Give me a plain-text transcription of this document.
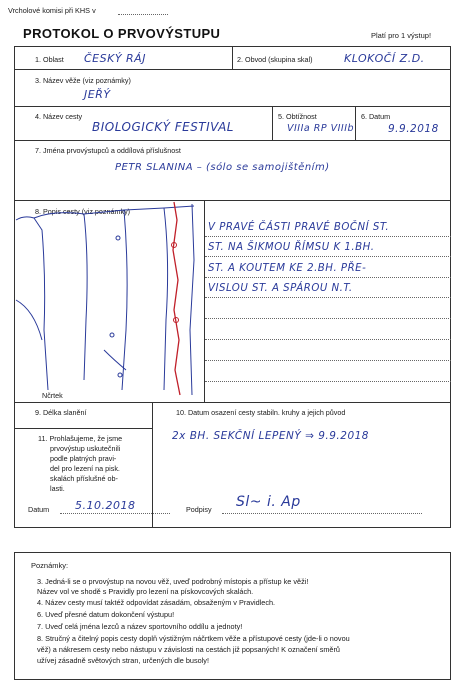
Vrcholové komisi při KHS v
PROTOKOL O PRVOVÝSTUPU	Platí pro 1 výstup!
1. Oblast ČESKÝ RÁJ	2. Obvod (skupina skal)	KLOKOČÍ Z.D.
3. Název věže (viz poznámky)
JEŘÝ
4. Název cesty
BIOLOGICKÝ FESTIVAL
5. Obtížnost
VIIIa RP VIIIb
6. Datum
9.9.2018
7. Jména prvovýstupců a oddílová příslušnost
PETR SLANINA – (sólo se samojištěním)
8. Popis cesty (viz poznámky)
Nčrtek
V PRAVÉ ČÁSTI PRAVÉ BOČNÍ ST.
ST. NA ŠIKMOU ŘÍMSU K 1.BH.
ST. A KOUTEM KE 2.BH. PŘE-
VISLOU ST. A SPÁROU N.T.
9. Délka slanění	10. Datum osazení cesty stabiln. kruhy a jejich původ
2x BH. SEKČNÍ LEPENÝ ⇒ 9.9.2018
11. Prohlašujeme, že jsme
prvovýstup uskutečnili
podle platných pravi-
del pro lezení na pisk.
skalách příslušné ob-
lasti.
Datum 5.10.2018	Podpisy Sl~ i. Ap
Poznámky:
3. Jedná-li se o prvovýstup na novou věž, uveď podrobný místopis a přístup ke věži!
Název vol ve shodě s Pravidly pro lezení na pískovcových skalách.
4. Název cesty musí taktéž odpovídat zásadám, obsaženým v Pravidlech.
6. Uveď přesné datum dokončení výstupu!
7. Uveď celá jména lezců a název sportovního oddílu a jednoty!
8. Stručný a čitelný popis cesty doplň výstižným náčrtkem věže a přístupové cesty (jde-li o novou
věž) a nákresem cesty nebo nástupu v závislosti na cestách již popsaných! K označení směrů
užívej zásadně světových stran, určených dle busoly!
